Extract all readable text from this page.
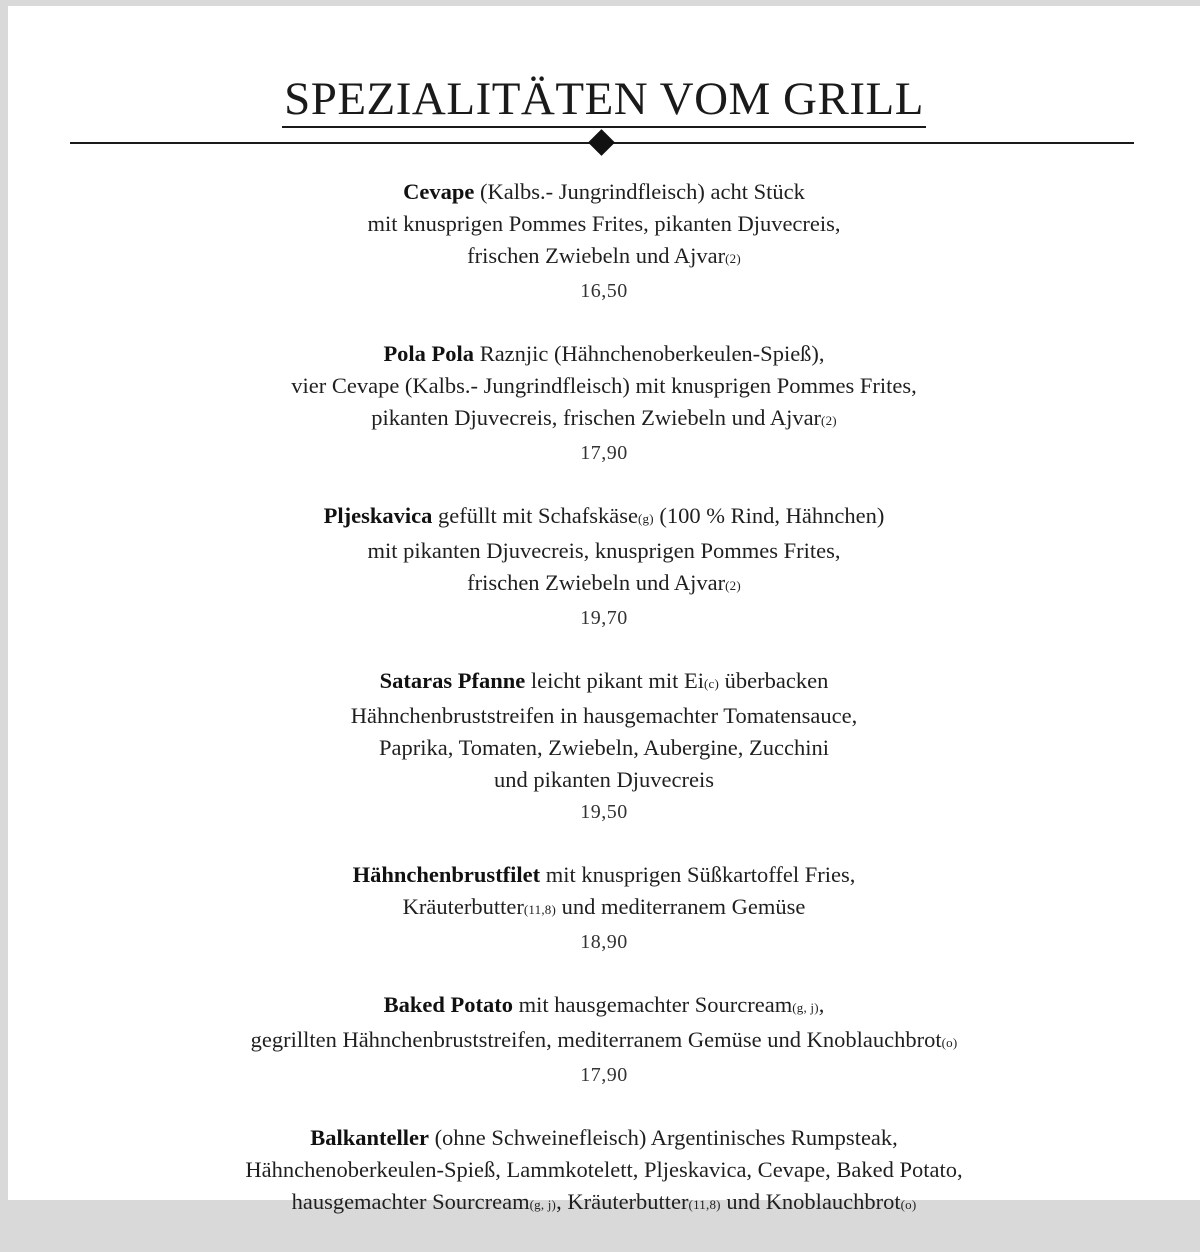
SPEZIALITÄTEN VOM GRILL
Cevape (Kalbs.- Jungrindfleisch) acht Stück
mit knusprigen Pommes Frites, pikanten Djuvecreis,
frischen Zwiebeln und Ajvar(2)
16,50
Pola Pola Raznjic (Hähnchenoberkeulen-Spieß),
vier Cevape (Kalbs.- Jungrindfleisch) mit knusprigen Pommes Frites,
pikanten Djuvecreis, frischen Zwiebeln und Ajvar(2)
17,90
Pljeskavica gefüllt mit Schafskäse(g) (100 % Rind, Hähnchen)
mit pikanten Djuvecreis, knusprigen Pommes Frites,
frischen Zwiebeln und Ajvar(2)
19,70
Sataras Pfanne leicht pikant mit Ei(c) überbacken
Hähnchenbruststreifen in hausgemachter Tomatensauce,
Paprika, Tomaten, Zwiebeln, Aubergine, Zucchini
und pikanten Djuvecreis
19,50
Hähnchenbrustfilet mit knusprigen Süßkartoffel Fries,
Kräuterbutter(11,8) und mediterranem Gemüse
18,90
Baked Potato mit hausgemachter Sourcream(g, j),
gegrillten Hähnchenbruststreifen, mediterranem Gemüse und Knoblauchbrot(o)
17,90
Balkanteller (ohne Schweinefleisch) Argentinisches Rumpsteak,
Hähnchenoberkeulen-Spieß, Lammkotelett, Pljeskavica, Cevape, Baked Potato,
hausgemachter Sourcream(g, j), Kräuterbutter(11,8) und Knoblauchbrot(o)
